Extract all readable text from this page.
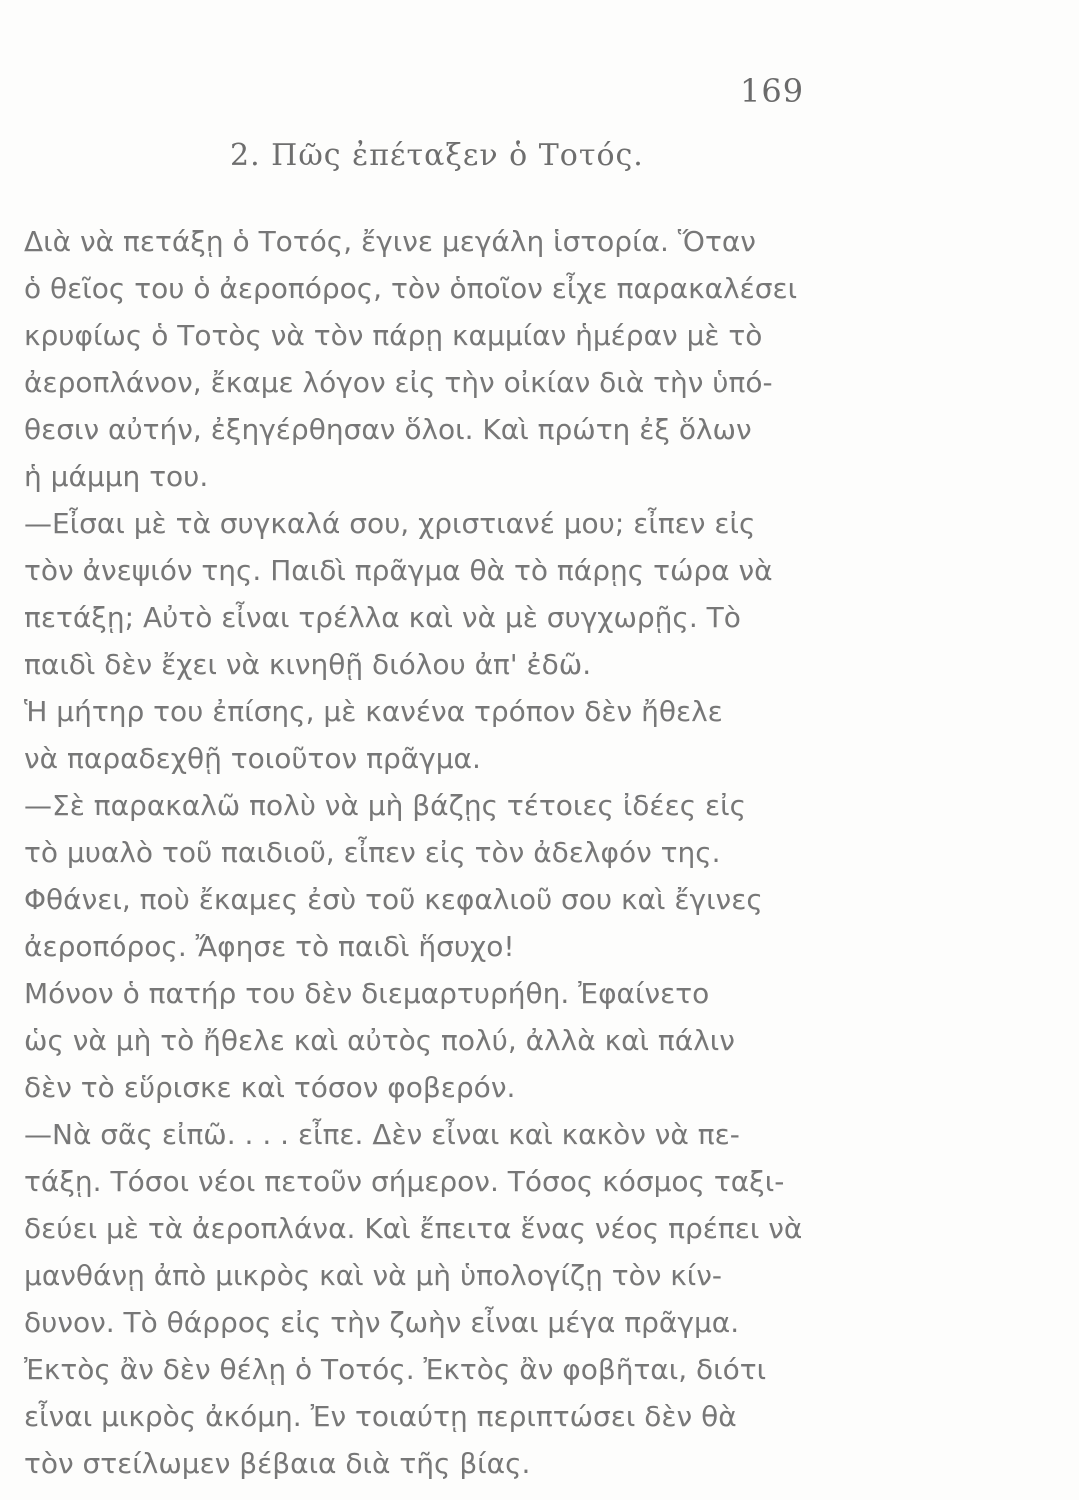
169
2. Πῶς ἐπέταξεν ὁ Τοτός.
Διὰ νὰ πετάξῃ ὁ Τοτός, ἔγινε μεγάλη ἱστορία. Ὅταν
ὁ θεῖος του ὁ ἀεροπόρος, τὸν ὁποῖον εἶχε παρακαλέσει
κρυφίως ὁ Τοτὸς νὰ τὸν πάρῃ καμμίαν ἡμέραν μὲ τὸ
ἀεροπλάνον, ἔκαμε λόγον εἰς τὴν οἰκίαν διὰ τὴν ὑπό-
θεσιν αὐτήν, ἐξηγέρθησαν ὅλοι. Καὶ πρώτη ἐξ ὅλων
ἡ μάμμη του.
—Εἶσαι μὲ τὰ συγκαλά σου, χριστιανέ μου; εἶπεν εἰς
τὸν ἀνεψιόν της. Παιδὶ πρᾶγμα θὰ τὸ πάρῃς τώρα νὰ
πετάξῃ; Αὐτὸ εἶναι τρέλλα καὶ νὰ μὲ συγχωρῇς. Τὸ
παιδὶ δὲν ἔχει νὰ κινηθῇ διόλου ἀπ' ἐδῶ.
Ἡ μήτηρ του ἐπίσης, μὲ κανένα τρόπον δὲν ἤθελε
νὰ παραδεχθῇ τοιοῦτον πρᾶγμα.
—Σὲ παρακαλῶ πολὺ νὰ μὴ βάζῃς τέτοιες ἰδέες εἰς
τὸ μυαλὸ τοῦ παιδιοῦ, εἶπεν εἰς τὸν ἀδελφόν της.
Φθάνει, ποὺ ἔκαμες ἐσὺ τοῦ κεφαλιοῦ σου καὶ ἔγινες
ἀεροπόρος. Ἄφησε τὸ παιδὶ ἥσυχο!
Μόνον ὁ πατήρ του δὲν διεμαρτυρήθη. Ἐφαίνετο
ὡς νὰ μὴ τὸ ἤθελε καὶ αὐτὸς πολύ, ἀλλὰ καὶ πάλιν
δὲν τὸ εὕρισκε καὶ τόσον φοβερόν.
—Νὰ σᾶς εἰπῶ. . . . εἶπε. Δὲν εἶναι καὶ κακὸν νὰ πε-
τάξῃ. Τόσοι νέοι πετοῦν σήμερον. Τόσος κόσμος ταξι-
δεύει μὲ τὰ ἀεροπλάνα. Καὶ ἔπειτα ἕνας νέος πρέπει νὰ
μανθάνῃ ἀπὸ μικρὸς καὶ νὰ μὴ ὑπολογίζῃ τὸν κίν-
δυνον. Τὸ θάρρος εἰς τὴν ζωὴν εἶναι μέγα πρᾶγμα.
Ἐκτὸς ἂν δὲν θέλῃ ὁ Τοτός. Ἐκτὸς ἂν φοβῆται, διότι
εἶναι μικρὸς ἀκόμη. Ἐν τοιαύτῃ περιπτώσει δὲν θὰ
τὸν στείλωμεν βέβαια διὰ τῆς βίας.
